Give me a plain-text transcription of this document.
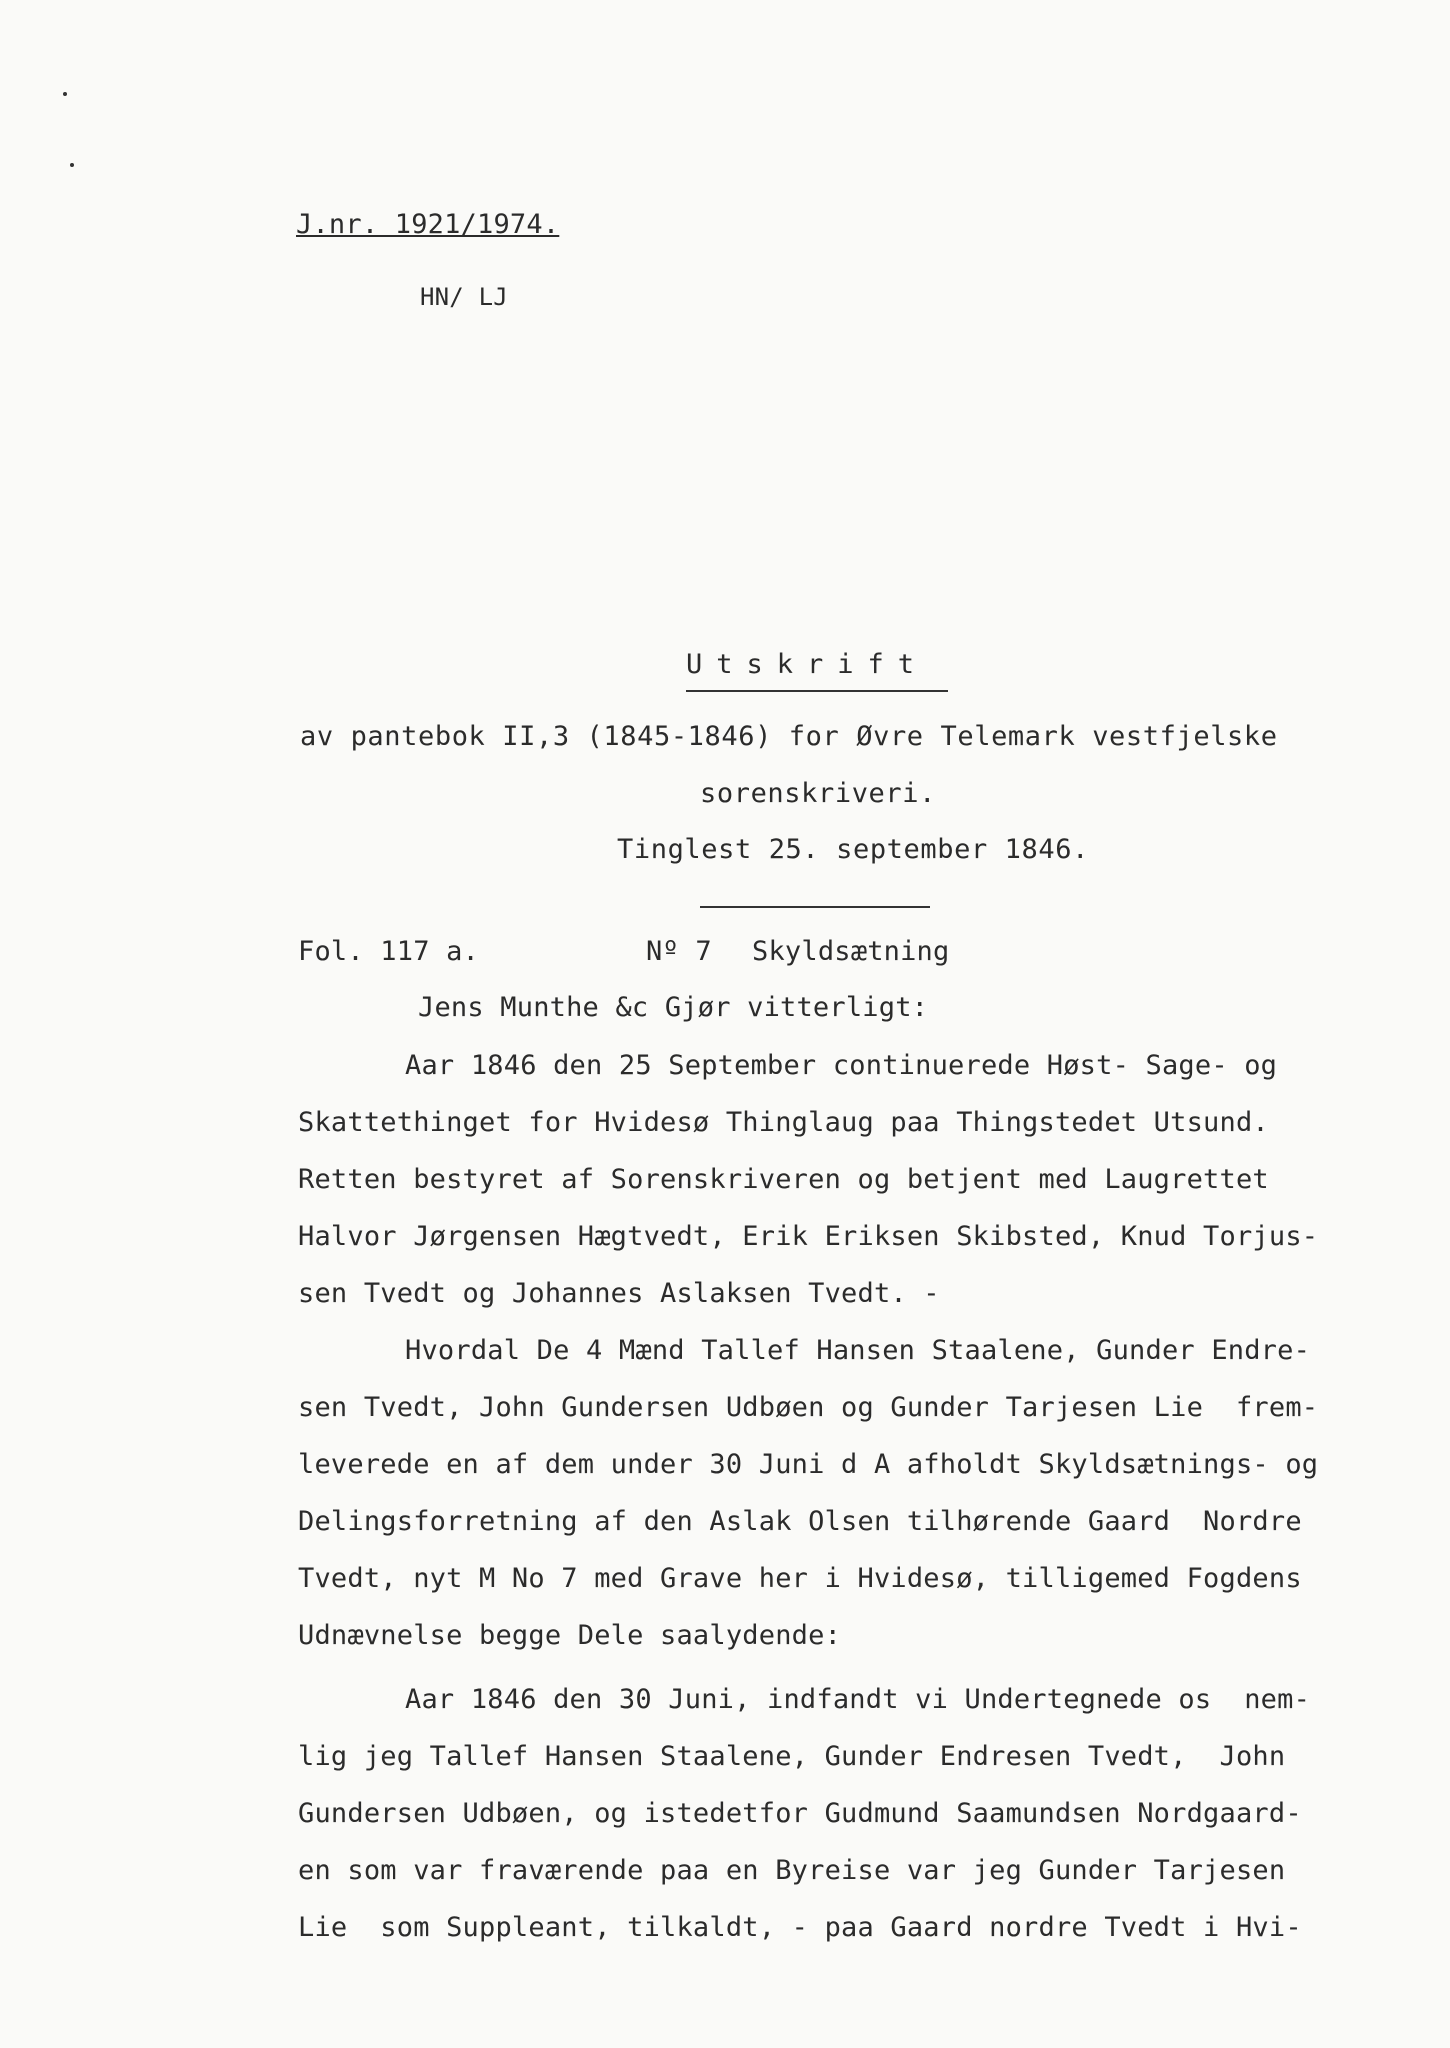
J.nr. 1921/1974.
HN/ LJ
Utskrift
av pantebok II,3 (1845-1846) for Øvre Telemark vestfjelske
sorenskriveri.
Tinglest 25. september 1846.
Fol. 117 a.	Nº 7 Skyldsætning
Jens Munthe &c Gjør vitterligt:
Aar 1846 den 25 September continuerede Høst- Sage- og
Skattethinget for Hvidesø Thinglaug paa Thingstedet Utsund.
Retten bestyret af Sorenskriveren og betjent med Laugrettet
Halvor Jørgensen Hægtvedt, Erik Eriksen Skibsted, Knud Torjus-
sen Tvedt og Johannes Aslaksen Tvedt. -
Hvordal De 4 Mænd Tallef Hansen Staalene, Gunder Endre-
sen Tvedt, John Gundersen Udbøen og Gunder Tarjesen Lie  frem-
leverede en af dem under 30 Juni d A afholdt Skyldsætnings- og
Delingsforretning af den Aslak Olsen tilhørende Gaard  Nordre
Tvedt, nyt M No 7 med Grave her i Hvidesø, tilligemed Fogdens
Udnævnelse begge Dele saalydende:
Aar 1846 den 30 Juni, indfandt vi Undertegnede os  nem-
lig jeg Tallef Hansen Staalene, Gunder Endresen Tvedt,  John
Gundersen Udbøen, og istedetfor Gudmund Saamundsen Nordgaard-
en som var fraværende paa en Byreise var jeg Gunder Tarjesen
Lie  som Suppleant, tilkaldt, - paa Gaard nordre Tvedt i Hvi-
